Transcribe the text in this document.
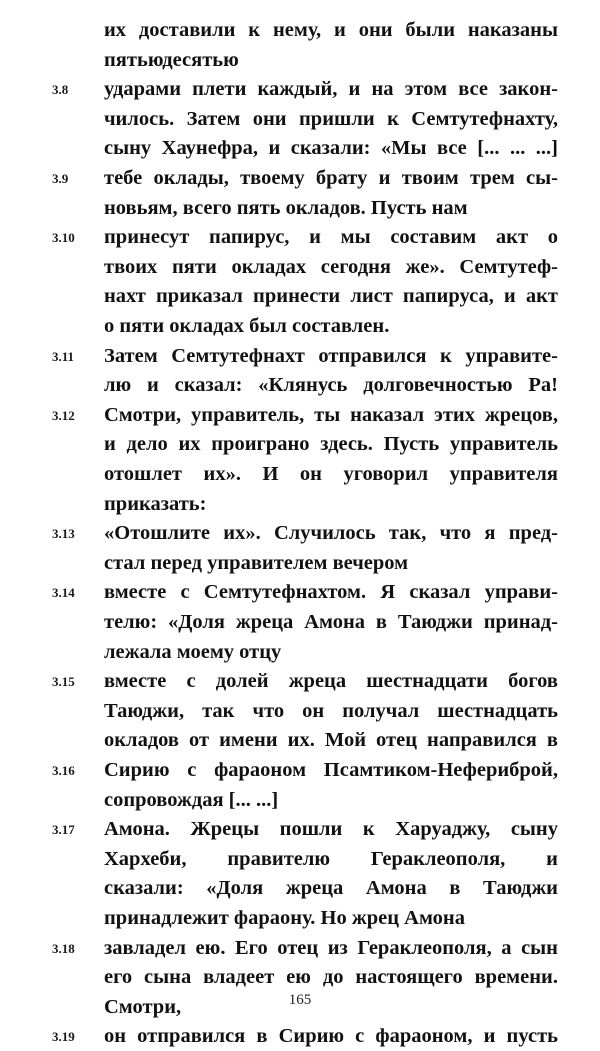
их доставили к нему, и они были наказаны
пятьюдесятью
3.8	ударами плети каждый, и на этом все закон-
чилось. Затем они пришли к Семтутефнахту,
сыну Хаунефра, и сказали: «Мы все [... ... ...]
3.9	тебе оклады, твоему брату и твоим трем сы-
новьям, всего пять окладов. Пусть нам
3.10	принесут папирус, и мы составим акт о
твоих пяти окладах сегодня же». Семтутеф-
нахт приказал принести лист папируса, и акт
о пяти окладах был составлен.
3.11	Затем Семтутефнахт отправился к управите-
лю и сказал: «Клянусь долговечностью Ра!
3.12	Смотри, управитель, ты наказал этих жрецов,
и дело их проиграно здесь. Пусть управитель
отошлет их». И он уговорил управителя
приказать:
3.13	«Отошлите их». Случилось так, что я пред-
стал перед управителем вечером
3.14	вместе с Семтутефнахтом. Я сказал управи-
телю: «Доля жреца Амона в Таюджи принад-
лежала моему отцу
3.15	вместе с долей жреца шестнадцати богов
Таюджи, так что он получал шестнадцать
окладов от имени их. Мой отец направился в
3.16	Сирию с фараоном Псамтиком-Нефериброй,
сопровождая [... ...]
3.17	Амона. Жрецы пошли к Харуаджу, сыну
Хархеби, правителю Гераклеополя, и
сказали: «Доля жреца Амона в Таюджи
принадлежит фараону. Но жрец Амона
3.18	завладел ею. Его отец из Гераклеополя, а сын
его сына владеет ею до настоящего времени.
Смотри,
3.19	он отправился в Сирию с фараоном, и пусть
165
